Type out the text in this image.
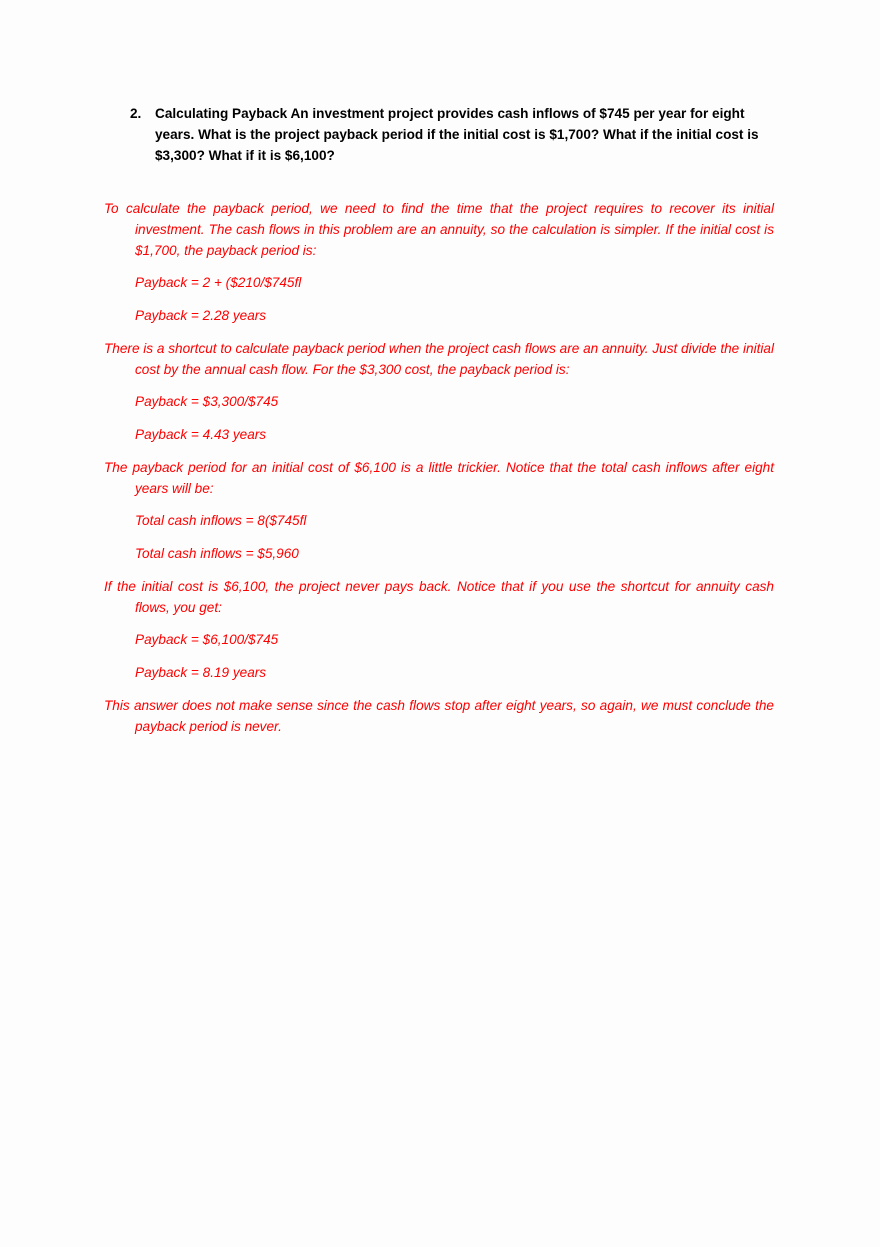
2. Calculating Payback An investment project provides cash inflows of $745 per year for eight years. What is the project payback period if the initial cost is $1,700? What if the initial cost is $3,300? What if it is $6,100?

To calculate the payback period, we need to find the time that the project requires to recover its initial investment. The cash flows in this problem are an annuity, so the calculation is simpler. If the initial cost is $1,700, the payback period is:

Payback = 2 + ($210/$745fl

Payback = 2.28 years

There is a shortcut to calculate payback period when the project cash flows are an annuity. Just divide the initial cost by the annual cash flow. For the $3,300 cost, the payback period is:

Payback = $3,300/$745

Payback = 4.43 years

The payback period for an initial cost of $6,100 is a little trickier. Notice that the total cash inflows after eight years will be:

Total cash inflows = 8($745fl

Total cash inflows = $5,960

If the initial cost is $6,100, the project never pays back. Notice that if you use the shortcut for annuity cash flows, you get:

Payback = $6,100/$745

Payback = 8.19 years

This answer does not make sense since the cash flows stop after eight years, so again, we must conclude the payback period is never.
